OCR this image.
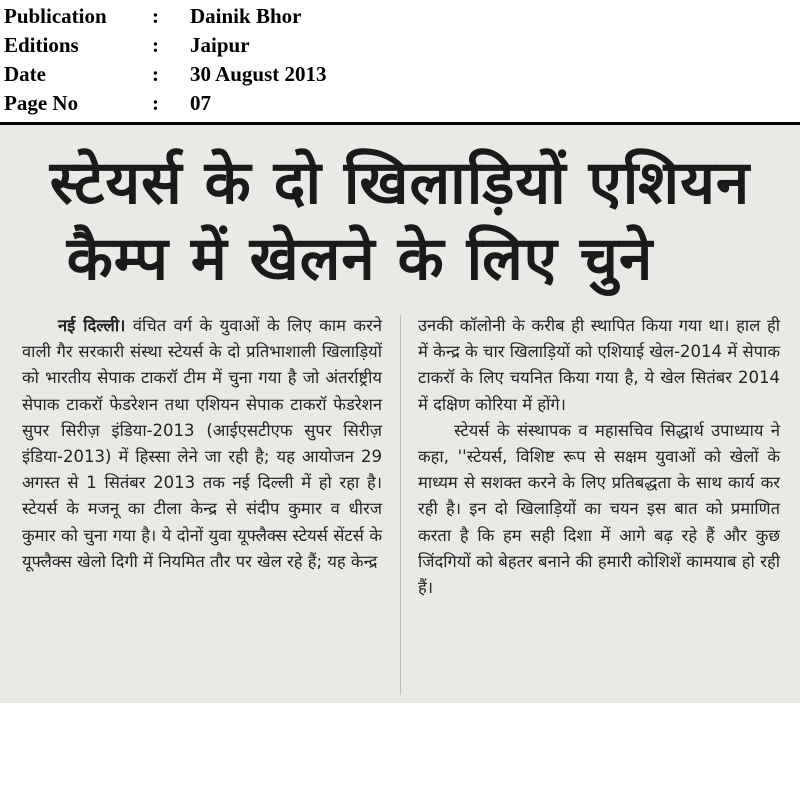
Publication	:	Dainik Bhor
Editions	:	Jaipur
Date	:	30 August 2013
Page No	:	07
स्टेयर्स के दो खिलाड़ियों एशियन
कैम्प में खेलने के लिए चुने

नई दिल्ली। वंचित वर्ग के युवाओं के लिए काम करने वाली गैर सरकारी संस्था स्टेयर्स के दो प्रतिभाशाली खिलाड़ियों को भारतीय सेपाक टाकरॉ टीम में चुना गया है जो अंतर्राष्ट्रीय सेपाक टाकरॉ फेडरेशन तथा एशियन सेपाक टाकरॉ फेडरेशन सुपर सिरीज़ इंडिया-2013 (आईएसटीएफ सुपर सिरीज़ इंडिया-2013) में हिस्सा लेने जा रही है; यह आयोजन 29 अगस्त से 1 सितंबर 2013 तक नई दिल्ली में हो रहा है। स्टेयर्स के मजनू का टीला केन्द्र से संदीप कुमार व धीरज कुमार को चुना गया है। ये दोनों युवा यूफ्लैक्स स्टेयर्स सेंटर्स के यूफ्लैक्स खेलो दिगी में नियमित तौर पर खेल रहे हैं; यह केन्द्र

उनकी कॉलोनी के करीब ही स्थापित किया गया था। हाल ही में केन्द्र के चार खिलाड़ियों को एशियाई खेल-2014 में सेपाक टाकरॉ के लिए चयनित किया गया है, ये खेल सितंबर 2014 में दक्षिण कोरिया में होंगे।

स्टेयर्स के संस्थापक व महासचिव सिद्धार्थ उपाध्याय ने कहा, ''स्टेयर्स, विशिष्ट रूप से सक्षम युवाओं को खेलों के माध्यम से सशक्त करने के लिए प्रतिबद्धता के साथ कार्य कर रही है। इन दो खिलाड़ियों का चयन इस बात को प्रमाणित करता है कि हम सही दिशा में आगे बढ़ रहे हैं और कुछ जिंदगियों को बेहतर बनाने की हमारी कोशिशें कामयाब हो रही हैं।
